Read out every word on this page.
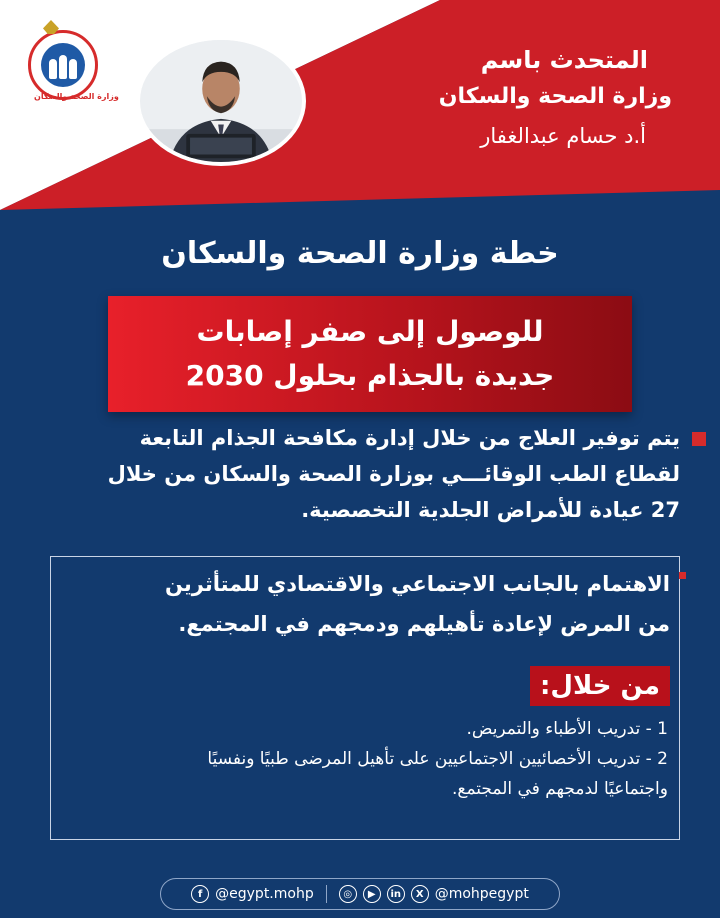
وزارة الصحة والسكان
المتحدث باسم
وزارة الصحة والسكان
أ.د حسام عبدالغفار
خطة وزارة الصحة والسكان
للوصول إلى صفر إصابات
جديدة بالجذام بحلول 2030
يتم توفير العلاج من خلال إدارة مكافحة الجذام التابعة
لقطاع الطب الوقائـــي بوزارة الصحة والسكان من خلال
27 عيادة للأمراض الجلدية التخصصية.
الاهتمام بالجانب الاجتماعي والاقتصادي للمتأثرين
من المرض لإعادة تأهيلهم ودمجهم في المجتمع.
من خلال:
1 - تدريب الأطباء والتمريض.
2 - تدريب الأخصائيين الاجتماعيين على تأهيل المرضى طبيًا ونفسيًا
واجتماعيًا لدمجهم في المجتمع.
f @egypt.mohp	◎	▶	in	X @mohpegypt
